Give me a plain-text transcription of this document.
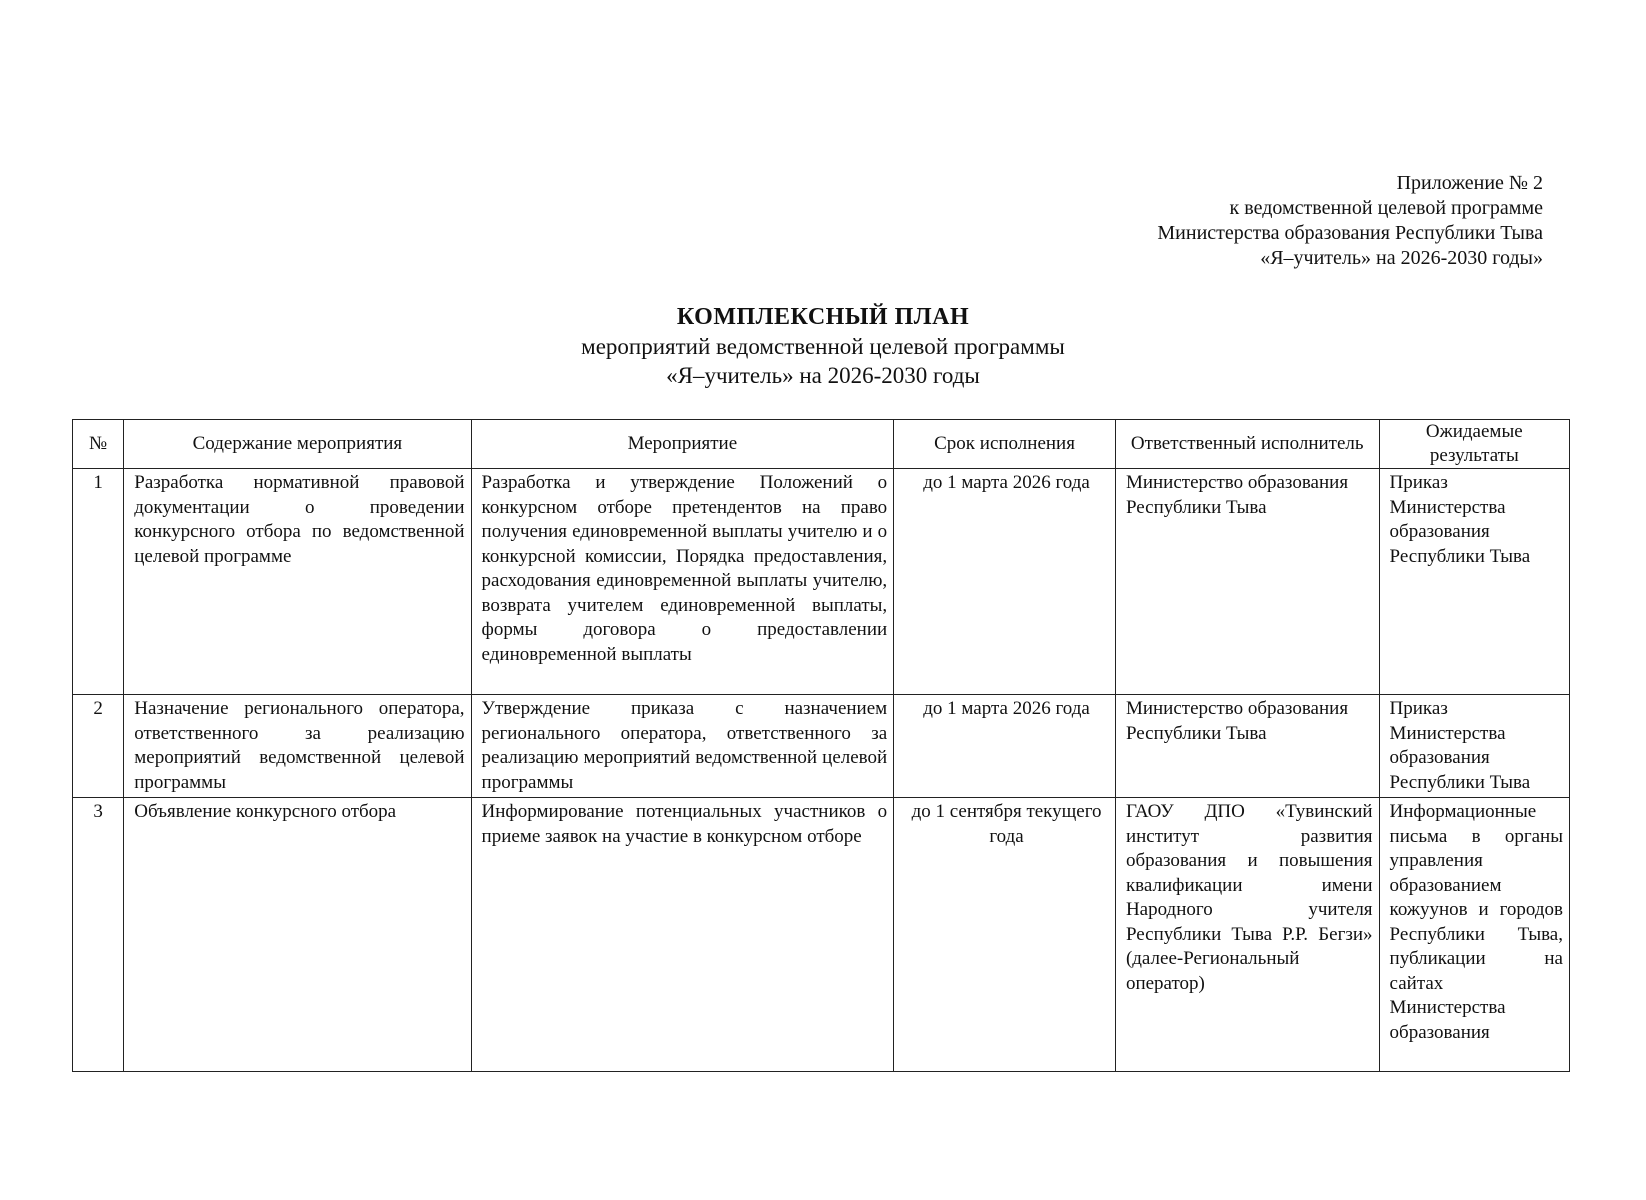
Приложение № 2
к ведомственной целевой программе
Министерства образования Республики Тыва
«Я–учитель» на 2026-2030 годы»
КОМПЛЕКСНЫЙ ПЛАН
мероприятий ведомственной целевой программы
«Я–учитель» на 2026-2030 годы
№	Содержание мероприятия	Мероприятие	Срок исполнения	Ответственный исполнитель	Ожидаемые результаты
1	Разработка нормативной правовой документации о проведении конкурсного отбора по ведомственной целевой программе	Разработка и утверждение Положений о конкурсном отборе претендентов на право получения единовременной выплаты учителю и о конкурсной комиссии, Порядка предоставления, расходования единовременной выплаты учителю, возврата учителем единовременной выплаты, формы договора о предоставлении единовременной выплаты	до 1 марта 2026 года	Министерство образования Республики Тыва	Приказ Министерства образования Республики Тыва
2	Назначение регионального оператора, ответственного за реализацию мероприятий ведомственной целевой программы	Утверждение приказа с назначением регионального оператора, ответственного за реализацию мероприятий ведомственной целевой программы	до 1 марта 2026 года	Министерство образования Республики Тыва	Приказ Министерства образования Республики Тыва
3	Объявление конкурсного отбора	Информирование потенциальных участников о приеме заявок на участие в конкурсном отборе	до 1 сентября текущего года	ГАОУ ДПО «Тувинский институт развития образования и повышения квалификации имени Народного учителя Республики Тыва Р.Р. Бегзи» (далее-Региональный оператор)	Информационные письма в органы управления образованием кожуунов и городов Республики Тыва, публикации на сайтах Министерства образования
